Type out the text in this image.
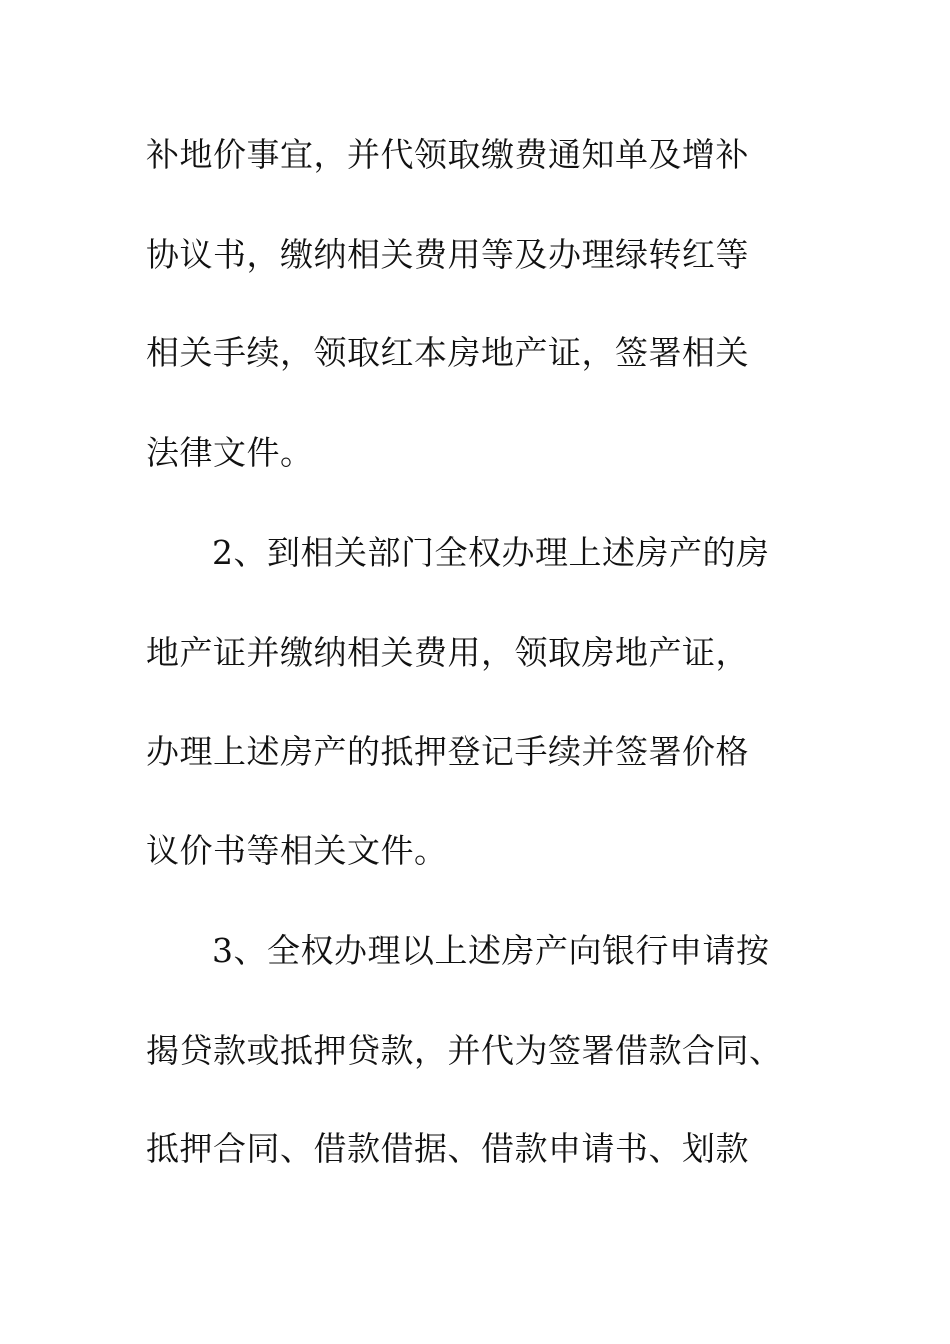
补地价事宜，并代领取缴费通知单及增补
协议书，缴纳相关费用等及办理绿转红等
相关手续，领取红本房地产证，签署相关
法律文件。
2、到相关部门全权办理上述房产的房
地产证并缴纳相关费用，领取房地产证，
办理上述房产的抵押登记手续并签署价格
议价书等相关文件。
3、全权办理以上述房产向银行申请按
揭贷款或抵押贷款，并代为签署借款合同、
抵押合同、借款借据、借款申请书、划款
